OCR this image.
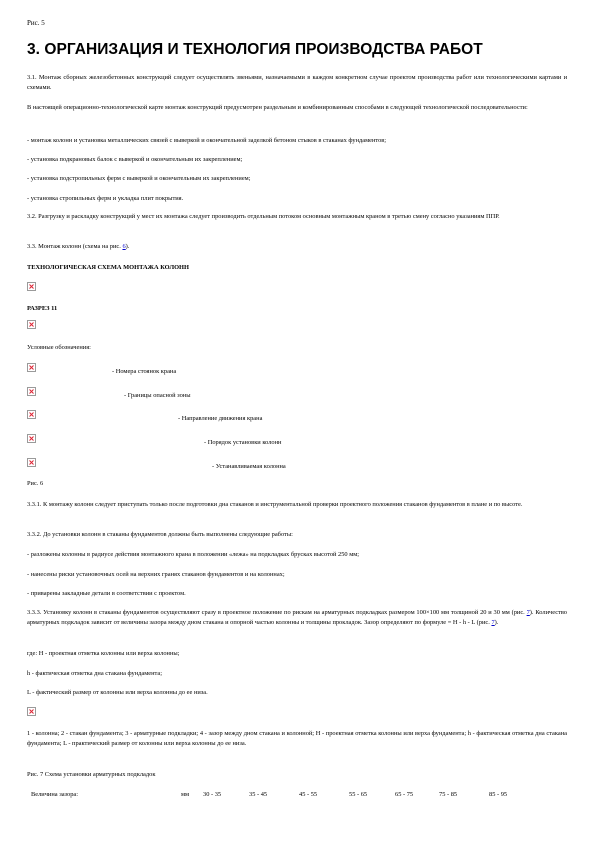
Рис. 5

3. ОРГАНИЗАЦИЯ И ТЕХНОЛОГИЯ ПРОИЗВОДСТВА РАБОТ

3.1. Монтаж сборных железобетонных конструкций следует осуществлять звеньями, назначаемыми в каждом конкретном случае проектом производства работ или технологическими картами и схемами.

В настоящей операционно-технологической карте монтаж конструкций предусмотрен раздельным и комбинированным способами в следующей технологической последовательности:

- монтаж колонн и установка металлических связей с выверкой и окончательной заделкой бетоном стыков в стаканах фундаментов;

- установка подкрановых балок с выверкой и окончательным их закреплением;

- установка подстропильных ферм с выверкой и окончательным их закреплением;

- установка стропильных ферм и укладка плит покрытия.

3.2. Разгрузку и раскладку конструкций у мест их монтажа следует производить отдельным потоком основным монтажным краном в третью смену согласно указаниям ППР.

3.3. Монтаж колонн (схема на рис. 6).

ТЕХНОЛОГИЧЕСКАЯ СХЕМА МОНТАЖА КОЛОНН

РАЗРЕЗ 11

Условные обозначения:

- Номера стоянок крана
- Границы опасной зоны
- Направление движения крана
- Порядок установки колонн
- Устанавливаемая колонна

Рис. 6

3.3.1. К монтажу колонн следует приступать только после подготовки дна стаканов и инструментальной проверки проектного положения стаканов фундаментов в плане и по высоте.

3.3.2. До установки колонн в стаканы фундаментов должны быть выполнены следующие работы:

- разложены колонны в радиусе действия монтажного крана в положении «лежа» на подкладках брусках высотой 250 мм;

- нанесены риски установочных осей на верхних гранях стаканов фундаментов и на колоннах;

- приварены закладные детали в соответствии с проектом.

3.3.3. Установку колонн в стаканы фундаментов осуществляют сразу в проектное положение по рискам на арматурных подкладках размером 100×100 мм толщиной 20 и 30 мм (рис. 7). Количество арматурных подкладок зависит от величины зазора между дном стакана и опорной частью колонны и толщины прокладок. Зазор определяют по формуле = Н - h - L (рис. 7).

где: Н - проектная отметка колонны или верха колонны;

h - фактическая отметка дна стакана фундамента;

L - фактический размер от колонны или верха колонны до ее низа.

1 - колонна; 2 - стакан фундамента; 3 - арматурные подкладки; 4 - зазор между дном стакана и колонной; Н - проектная отметка колонны или верха фундамента; h - фактическая отметка дна стакана фундамента; L - практический размер от колонны или верха колонны до ее низа.

Рис. 7 Схема установки арматурных подкладок

Величина зазора:	мм 30 - 35	35 - 45	45 - 55	55 - 65	65 - 75	75 - 85	85 - 95
